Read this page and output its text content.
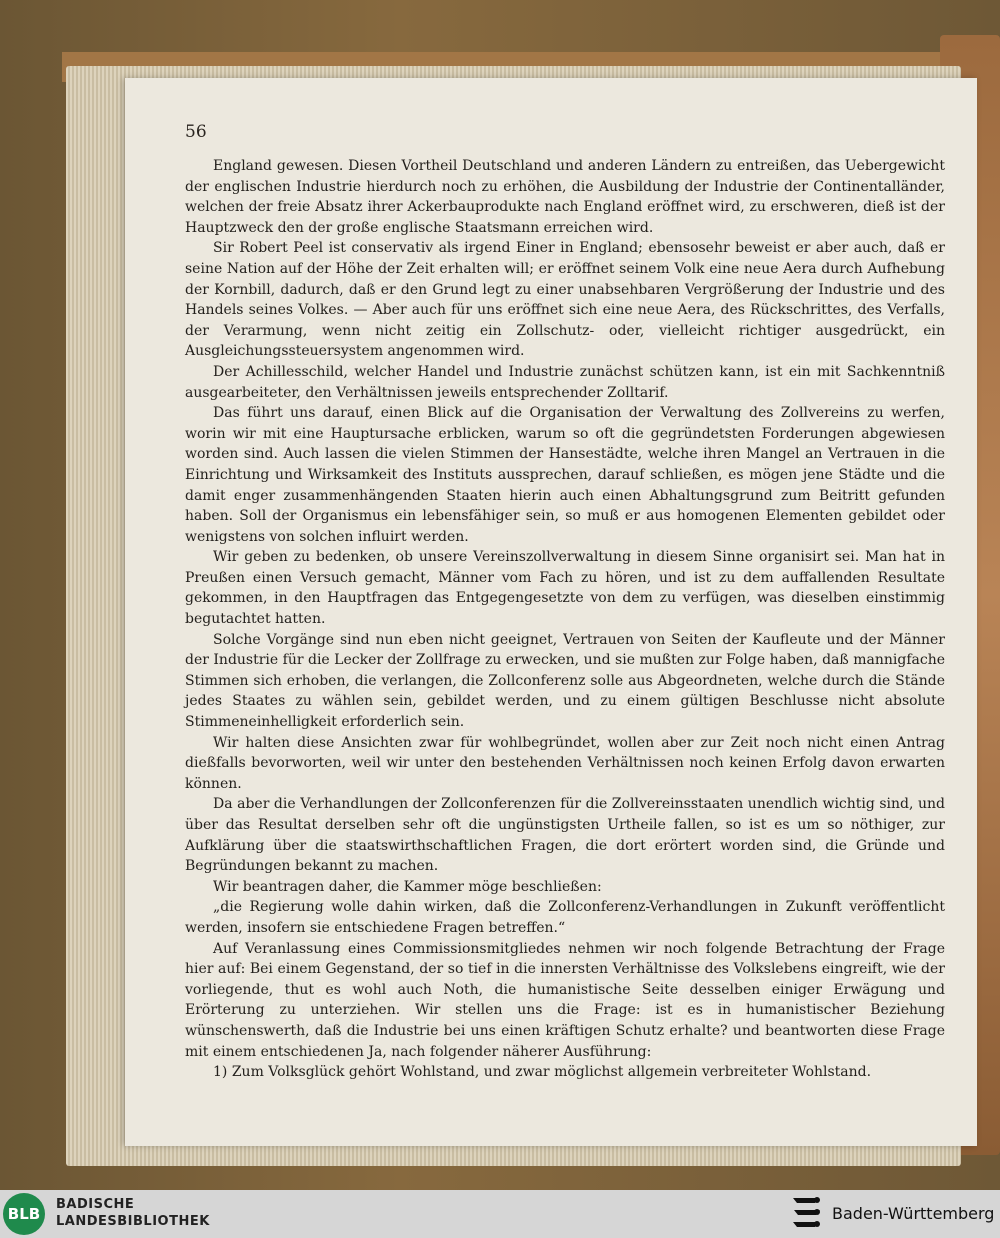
56

England gewesen. Diesen Vortheil Deutschland und anderen Ländern zu entreißen, das Uebergewicht der englischen Industrie hierdurch noch zu erhöhen, die Ausbildung der Industrie der Continentalländer, welchen der freie Absatz ihrer Ackerbauprodukte nach England eröffnet wird, zu erschweren, dieß ist der Hauptzweck den der große englische Staatsmann erreichen wird.

Sir Robert Peel ist conservativ als irgend Einer in England; ebensosehr beweist er aber auch, daß er seine Nation auf der Höhe der Zeit erhalten will; er eröffnet seinem Volk eine neue Aera durch Aufhebung der Kornbill, dadurch, daß er den Grund legt zu einer unabsehbaren Vergrößerung der Industrie und des Handels seines Volkes. — Aber auch für uns eröffnet sich eine neue Aera, des Rückschrittes, des Verfalls, der Verarmung, wenn nicht zeitig ein Zollschutz- oder, vielleicht richtiger ausgedrückt, ein Ausgleichungssteuersystem angenommen wird.

Der Achillesschild, welcher Handel und Industrie zunächst schützen kann, ist ein mit Sachkenntniß ausgearbeiteter, den Verhältnissen jeweils entsprechender Zolltarif.

Das führt uns darauf, einen Blick auf die Organisation der Verwaltung des Zollvereins zu werfen, worin wir mit eine Hauptursache erblicken, warum so oft die gegründetsten Forderungen abgewiesen worden sind. Auch lassen die vielen Stimmen der Hansestädte, welche ihren Mangel an Vertrauen in die Einrichtung und Wirksamkeit des Instituts aussprechen, darauf schließen, es mögen jene Städte und die damit enger zusammenhängenden Staaten hierin auch einen Abhaltungsgrund zum Beitritt gefunden haben. Soll der Organismus ein lebensfähiger sein, so muß er aus homogenen Elementen gebildet oder wenigstens von solchen influirt werden.

Wir geben zu bedenken, ob unsere Vereinszollverwaltung in diesem Sinne organisirt sei. Man hat in Preußen einen Versuch gemacht, Männer vom Fach zu hören, und ist zu dem auffallenden Resultate gekommen, in den Hauptfragen das Entgegengesetzte von dem zu verfügen, was dieselben einstimmig begutachtet hatten.

Solche Vorgänge sind nun eben nicht geeignet, Vertrauen von Seiten der Kaufleute und der Männer der Industrie für die Lecker der Zollfrage zu erwecken, und sie mußten zur Folge haben, daß mannigfache Stimmen sich erhoben, die verlangen, die Zollconferenz solle aus Abgeordneten, welche durch die Stände jedes Staates zu wählen sein, gebildet werden, und zu einem gültigen Beschlusse nicht absolute Stimmeneinhelligkeit erforderlich sein.

Wir halten diese Ansichten zwar für wohlbegründet, wollen aber zur Zeit noch nicht einen Antrag dießfalls bevorworten, weil wir unter den bestehenden Verhältnissen noch keinen Erfolg davon erwarten können.

Da aber die Verhandlungen der Zollconferenzen für die Zollvereinsstaaten unendlich wichtig sind, und über das Resultat derselben sehr oft die ungünstigsten Urtheile fallen, so ist es um so nöthiger, zur Aufklärung über die staatswirthschaftlichen Fragen, die dort erörtert worden sind, die Gründe und Begründungen bekannt zu machen.

Wir beantragen daher, die Kammer möge beschließen:

„die Regierung wolle dahin wirken, daß die Zollconferenz-Verhandlungen in Zukunft veröffentlicht werden, insofern sie entschiedene Fragen betreffen.“

Auf Veranlassung eines Commissionsmitgliedes nehmen wir noch folgende Betrachtung der Frage hier auf: Bei einem Gegenstand, der so tief in die innersten Verhältnisse des Volkslebens eingreift, wie der vorliegende, thut es wohl auch Noth, die humanistische Seite desselben einiger Erwägung und Erörterung zu unterziehen. Wir stellen uns die Frage: ist es in humanistischer Beziehung wünschenswerth, daß die Industrie bei uns einen kräftigen Schutz erhalte? und beantworten diese Frage mit einem entschiedenen Ja, nach folgender näherer Ausführung:

1) Zum Volksglück gehört Wohlstand, und zwar möglichst allgemein verbreiteter Wohlstand.

BLB
BADISCHE
LANDESBIBLIOTHEK	Baden-Württemberg
